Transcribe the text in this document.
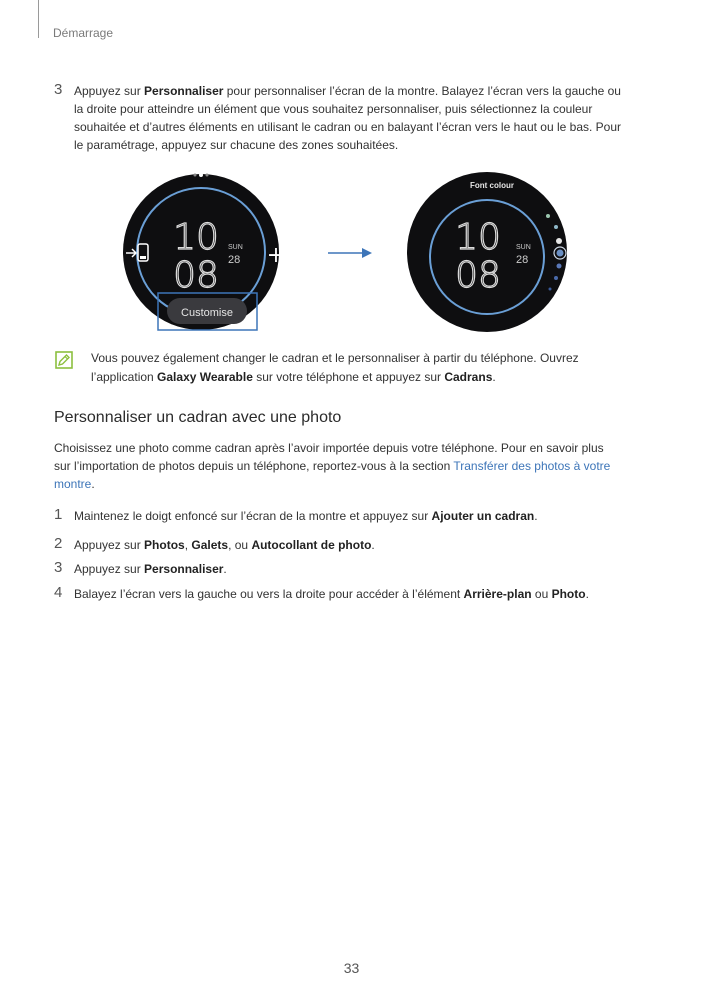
Démarrage
3 Appuyez sur Personnaliser pour personnaliser l’écran de la montre. Balayez l’écran vers la gauche ou
la droite pour atteindre un élément que vous souhaitez personnaliser, puis sélectionnez la couleur
souhaitée et d’autres éléments en utilisant le cadran ou en balayant l’écran vers le haut ou le bas. Pour
le paramétrage, appuyez sur chacune des zones souhaitées.
10
08
SUN
28 +
Customise
Font colour
10
08
SUN
28
Vous pouvez également changer le cadran et le personnaliser à partir du téléphone. Ouvrez
l’application Galaxy Wearable sur votre téléphone et appuyez sur Cadrans.
Personnaliser un cadran avec une photo
Choisissez une photo comme cadran après l’avoir importée depuis votre téléphone. Pour en savoir plus
sur l’importation de photos depuis un téléphone, reportez-vous à la section Transférer des photos à votre
montre.
1 Maintenez le doigt enfoncé sur l’écran de la montre et appuyez sur Ajouter un cadran.
2 Appuyez sur Photos, Galets, ou Autocollant de photo.
3 Appuyez sur Personnaliser.
4 Balayez l’écran vers la gauche ou vers la droite pour accéder à l’élément Arrière-plan ou Photo.
33
